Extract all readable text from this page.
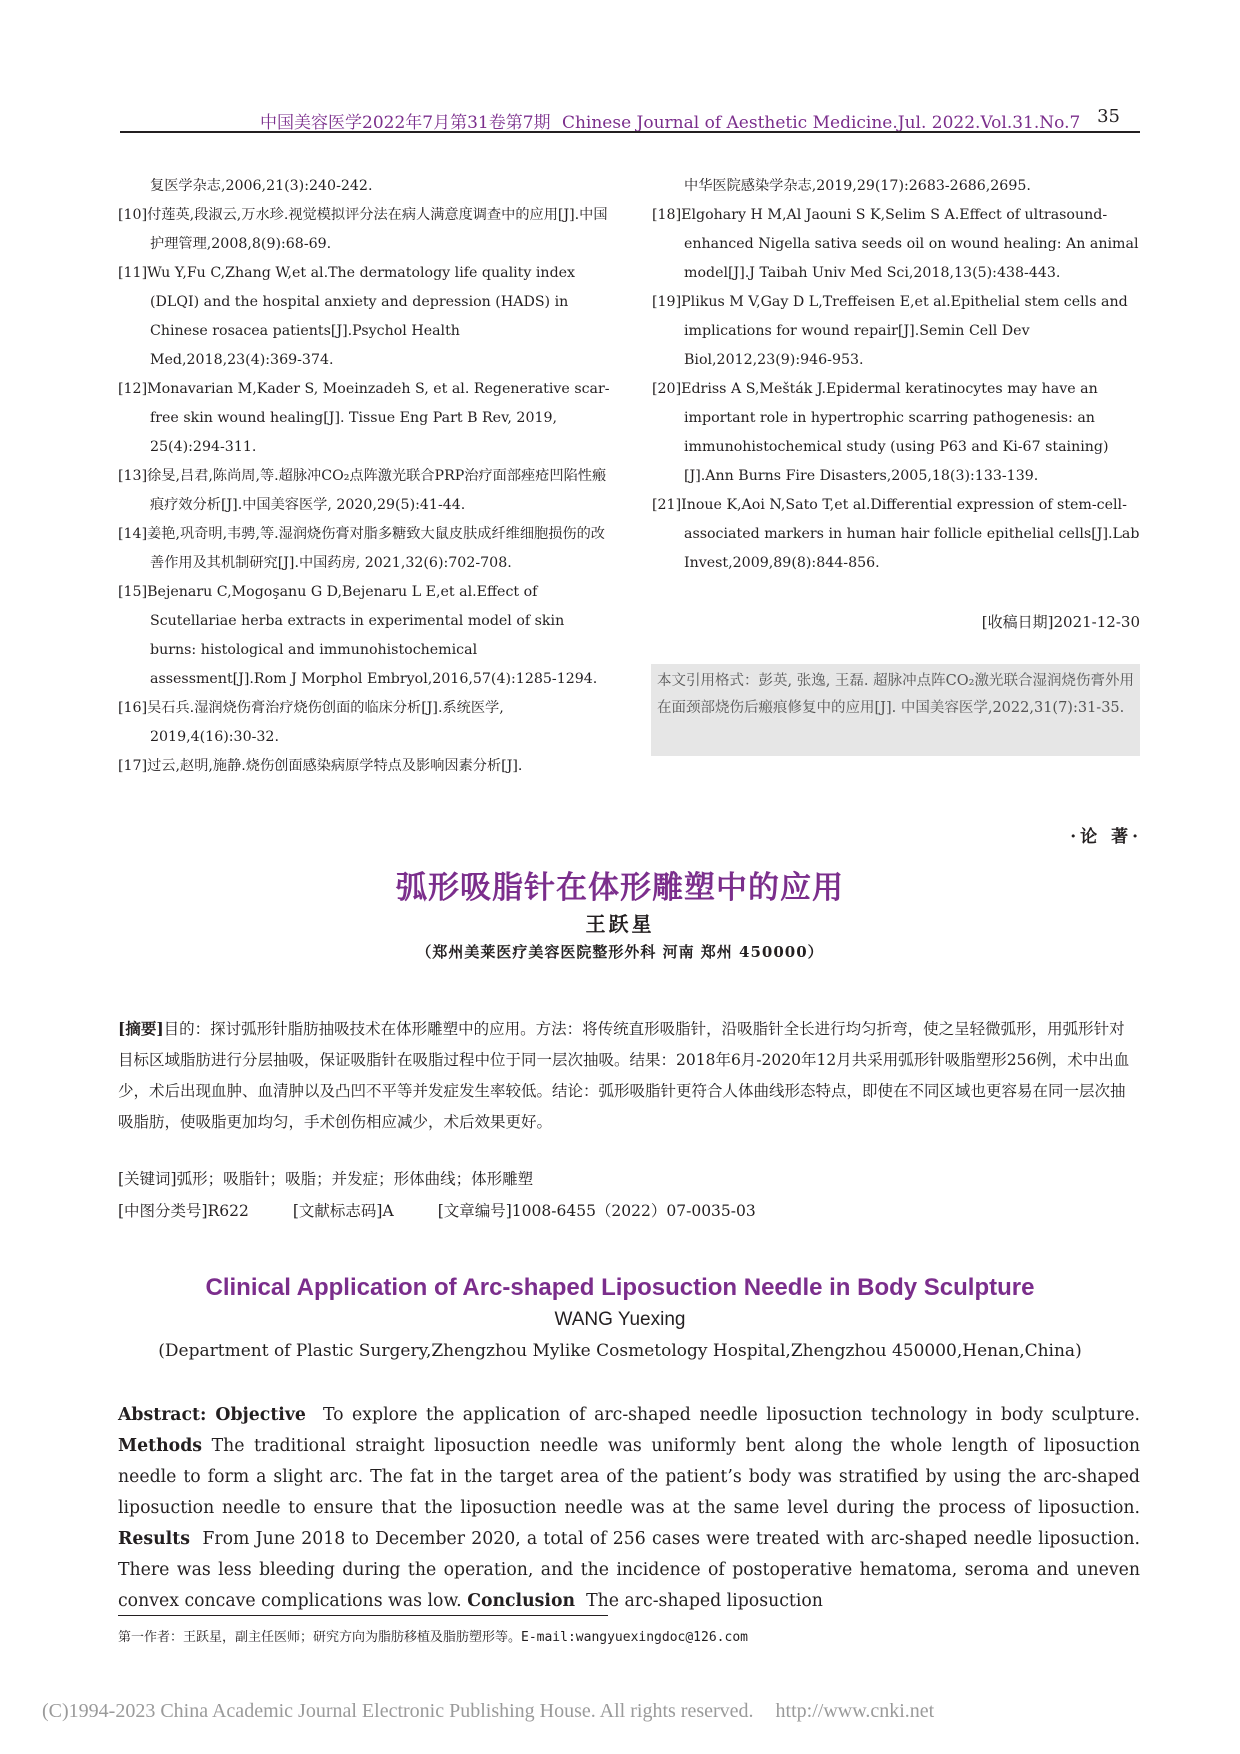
中国美容医学2022年7月第31卷第7期 Chinese Journal of Aesthetic Medicine.Jul. 2022.Vol.31.No.7 35
复医学杂志,2006,21(3):240-242.
[10]付莲英,段淑云,万水珍.视觉模拟评分法在病人满意度调查中的应用[J].中国护理管理,2008,8(9):68-69.
[11]Wu Y,Fu C,Zhang W,et al.The dermatology life quality index (DLQI) and the hospital anxiety and depression (HADS) in Chinese rosacea patients[J].Psychol Health Med,2018,23(4):369-374.
[12]Monavarian M,Kader S, Moeinzadeh S, et al. Regenerative scar-free skin wound healing[J]. Tissue Eng Part B Rev, 2019, 25(4):294-311.
[13]徐旻,吕君,陈尚周,等.超脉冲CO₂点阵激光联合PRP治疗面部痤疮凹陷性瘢痕疗效分析[J].中国美容医学, 2020,29(5):41-44.
[14]姜艳,巩奇明,韦骋,等.湿润烧伤膏对脂多糖致大鼠皮肤成纤维细胞损伤的改善作用及其机制研究[J].中国药房, 2021,32(6):702-708.
[15]Bejenaru C,Mogoşanu G D,Bejenaru L E,et al.Effect of Scutellariae herba extracts in experimental model of skin burns: histological and immunohistochemical assessment[J].Rom J Morphol Embryol,2016,57(4):1285-1294.
[16]吴石兵.湿润烧伤膏治疗烧伤创面的临床分析[J].系统医学, 2019,4(16):30-32.
[17]过云,赵明,施静.烧伤创面感染病原学特点及影响因素分析[J].
中华医院感染学杂志,2019,29(17):2683-2686,2695.
[18]Elgohary H M,Al Jaouni S K,Selim S A.Effect of ultrasound-enhanced Nigella sativa seeds oil on wound healing: An animal model[J].J Taibah Univ Med Sci,2018,13(5):438-443.
[19]Plikus M V,Gay D L,Treffeisen E,et al.Epithelial stem cells and implications for wound repair[J].Semin Cell Dev Biol,2012,23(9):946-953.
[20]Edriss A S,Mešták J.Epidermal keratinocytes may have an important role in hypertrophic scarring pathogenesis: an immunohistochemical study (using P63 and Ki-67 staining)[J].Ann Burns Fire Disasters,2005,18(3):133-139.
[21]Inoue K,Aoi N,Sato T,et al.Differential expression of stem-cell-associated markers in human hair follicle epithelial cells[J].Lab Invest,2009,89(8):844-856.
[收稿日期]2021-12-30
本文引用格式：彭英, 张逸, 王磊. 超脉冲点阵CO₂激光联合湿润烧伤膏外用在面颈部烧伤后瘢痕修复中的应用[J]. 中国美容医学,2022,31(7):31-35.
·论 著·
弧形吸脂针在体形雕塑中的应用
王跃星
（郑州美莱医疗美容医院整形外科 河南 郑州 450000）
[摘要]目的：探讨弧形针脂肪抽吸技术在体形雕塑中的应用。方法：将传统直形吸脂针，沿吸脂针全长进行均匀折弯，使之呈轻微弧形，用弧形针对目标区域脂肪进行分层抽吸，保证吸脂针在吸脂过程中位于同一层次抽吸。结果：2018年6月-2020年12月共采用弧形针吸脂塑形256例，术中出血少，术后出现血肿、血清肿以及凸凹不平等并发症发生率较低。结论：弧形吸脂针更符合人体曲线形态特点，即使在不同区域也更容易在同一层次抽吸脂肪，使吸脂更加均匀，手术创伤相应减少，术后效果更好。
[关键词]弧形；吸脂针；吸脂；并发症；形体曲线；体形雕塑
[中图分类号]R622	[文献标志码]A	[文章编号]1008-6455（2022）07-0035-03
Clinical Application of Arc-shaped Liposuction Needle in Body Sculpture
WANG Yuexing
(Department of Plastic Surgery,Zhengzhou Mylike Cosmetology Hospital,Zhengzhou 450000,Henan,China)
Abstract: Objective To explore the application of arc-shaped needle liposuction technology in body sculpture. Methods The traditional straight liposuction needle was uniformly bent along the whole length of liposuction needle to form a slight arc. The fat in the target area of the patient’s body was stratified by using the arc-shaped liposuction needle to ensure that the liposuction needle was at the same level during the process of liposuction. Results From June 2018 to December 2020, a total of 256 cases were treated with arc-shaped needle liposuction. There was less bleeding during the operation, and the incidence of postoperative hematoma, seroma and uneven convex concave complications was low. Conclusion The arc-shaped liposuction
第一作者：王跃星，副主任医师；研究方向为脂肪移植及脂肪塑形等。E-mail:wangyuexingdoc@126.com
(C)1994-2023 China Academic Journal Electronic Publishing House. All rights reserved. http://www.cnki.net
